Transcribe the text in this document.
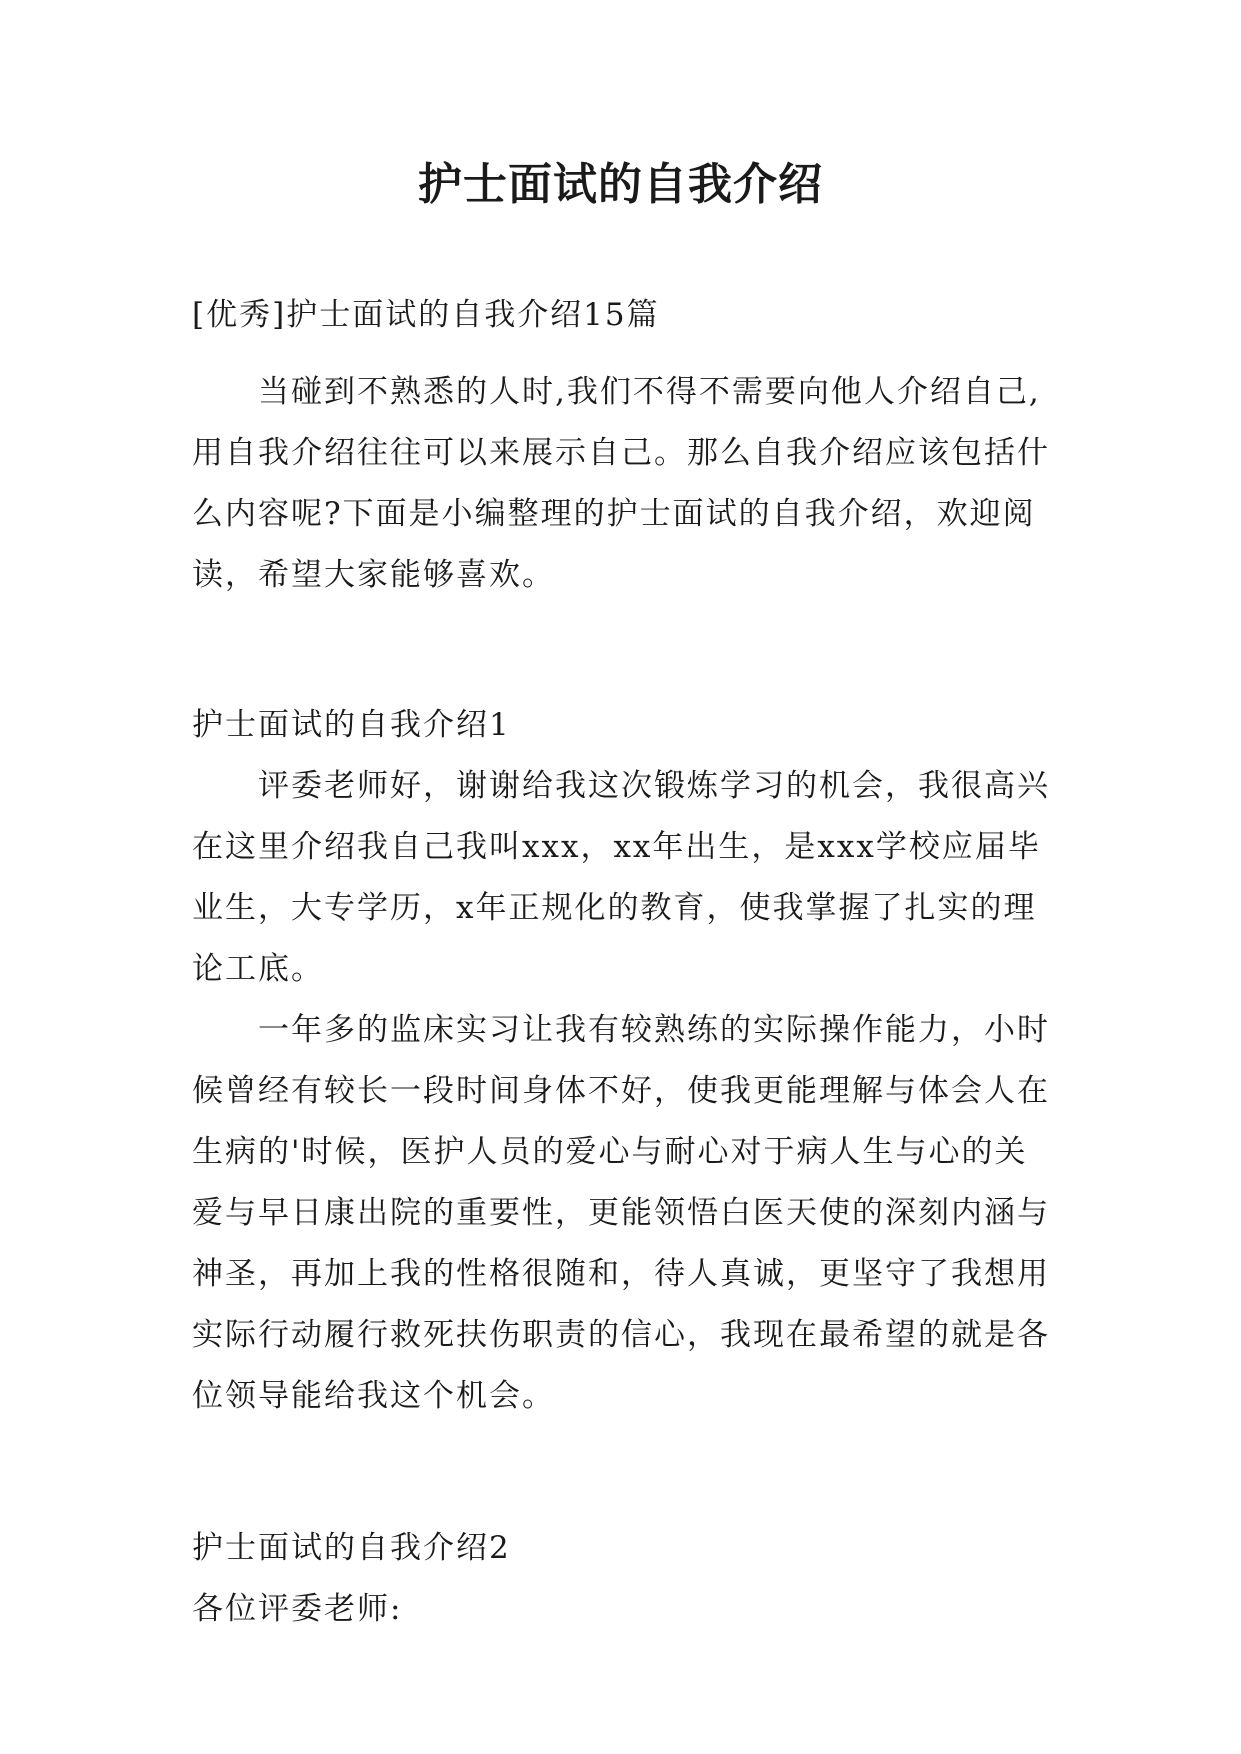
护士面试的自我介绍
[优秀]护士面试的自我介绍15篇
当碰到不熟悉的人时,我们不得不需要向他人介绍自己,
用自我介绍往往可以来展示自己。那么自我介绍应该包括什
么内容呢?下面是小编整理的护士面试的自我介绍，欢迎阅
读，希望大家能够喜欢。
护士面试的自我介绍1
评委老师好，谢谢给我这次锻炼学习的机会，我很高兴
在这里介绍我自己我叫xxx，xx年出生，是xxx学校应届毕
业生，大专学历，x年正规化的教育，使我掌握了扎实的理
论工底。
一年多的监床实习让我有较熟练的实际操作能力，小时
候曾经有较长一段时间身体不好，使我更能理解与体会人在
生病的'时候，医护人员的爱心与耐心对于病人生与心的关
爱与早日康出院的重要性，更能领悟白医天使的深刻内涵与
神圣，再加上我的性格很随和，待人真诚，更坚守了我想用
实际行动履行救死扶伤职责的信心，我现在最希望的就是各
位领导能给我这个机会。
护士面试的自我介绍2
各位评委老师:
